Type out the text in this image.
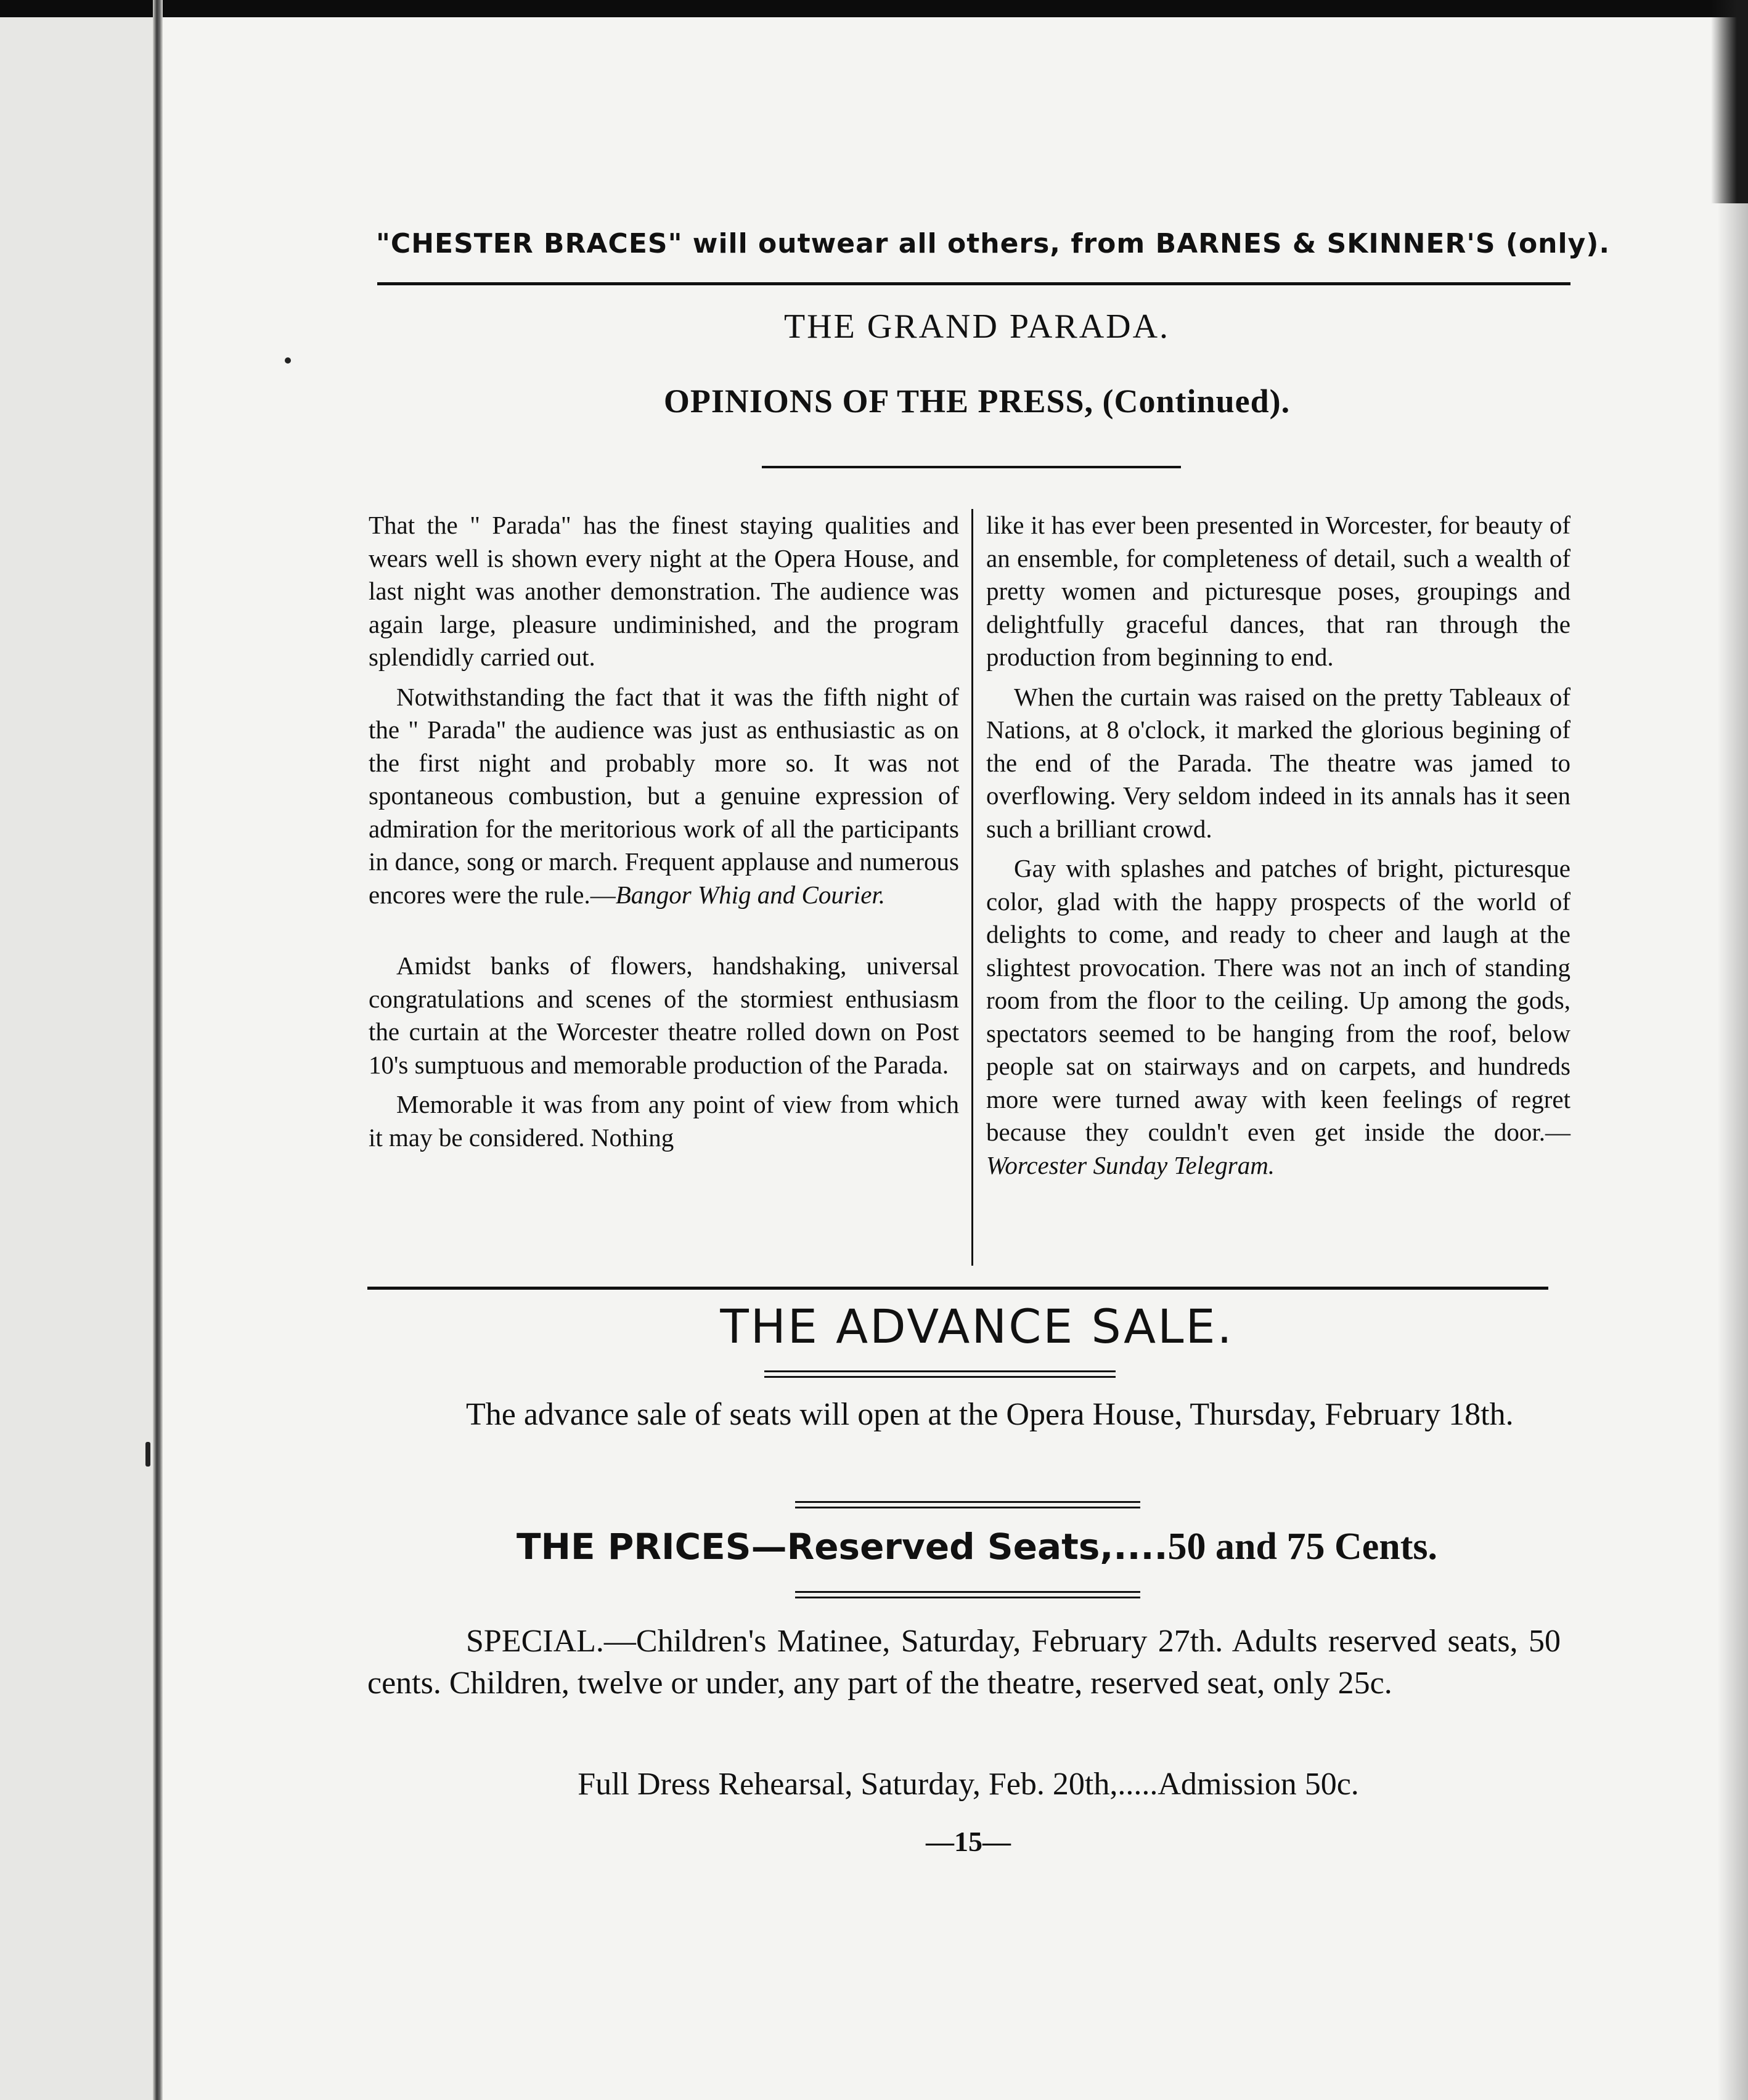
"CHESTER BRACES" will outwear all others, from BARNES & SKINNER'S (only).
THE GRAND PARADA.
OPINIONS OF THE PRESS, (Continued).

That the " Parada" has the finest staying qualities and wears well is shown every night at the Opera House, and last night was another demonstration. The audience was again large, pleasure undiminished, and the program splendidly carried out.

Notwithstanding the fact that it was the fifth night of the " Parada" the audience was just as enthusiastic as on the first night and probably more so. It was not spontaneous combustion, but a genuine expression of admiration for the meritorious work of all the participants in dance, song or march. Frequent applause and numerous encores were the rule.—Bangor Whig and Courier.

Amidst banks of flowers, handshaking, universal congratulations and scenes of the stormiest enthusiasm the curtain at the Worcester theatre rolled down on Post 10's sumptuous and memorable production of the Parada.

Memorable it was from any point of view from which it may be considered. Nothing

like it has ever been presented in Worcester, for beauty of an ensemble, for completeness of detail, such a wealth of pretty women and picturesque poses, groupings and delightfully graceful dances, that ran through the production from beginning to end.

When the curtain was raised on the pretty Tableaux of Nations, at 8 o'clock, it marked the glorious begining of the end of the Parada. The theatre was jamed to overflowing. Very seldom indeed in its annals has it seen such a brilliant crowd.

Gay with splashes and patches of bright, picturesque color, glad with the happy prospects of the world of delights to come, and ready to cheer and laugh at the slightest provocation. There was not an inch of standing room from the floor to the ceiling. Up among the gods, spectators seemed to be hanging from the roof, below people sat on stairways and on carpets, and hundreds more were turned away with keen feelings of regret because they couldn't even get inside the door.— Worcester Sunday Telegram.

THE ADVANCE SALE.

The advance sale of seats will open at the Opera House, Thursday, February 18th.

THE PRICES—Reserved Seats,....50 and 75 Cents.

SPECIAL.—Children's Matinee, Saturday, February 27th. Adults reserved seats, 50 cents. Children, twelve or under, any part of the theatre, reserved seat, only 25c.

Full Dress Rehearsal, Saturday, Feb. 20th,.....Admission 50c.
—15—
